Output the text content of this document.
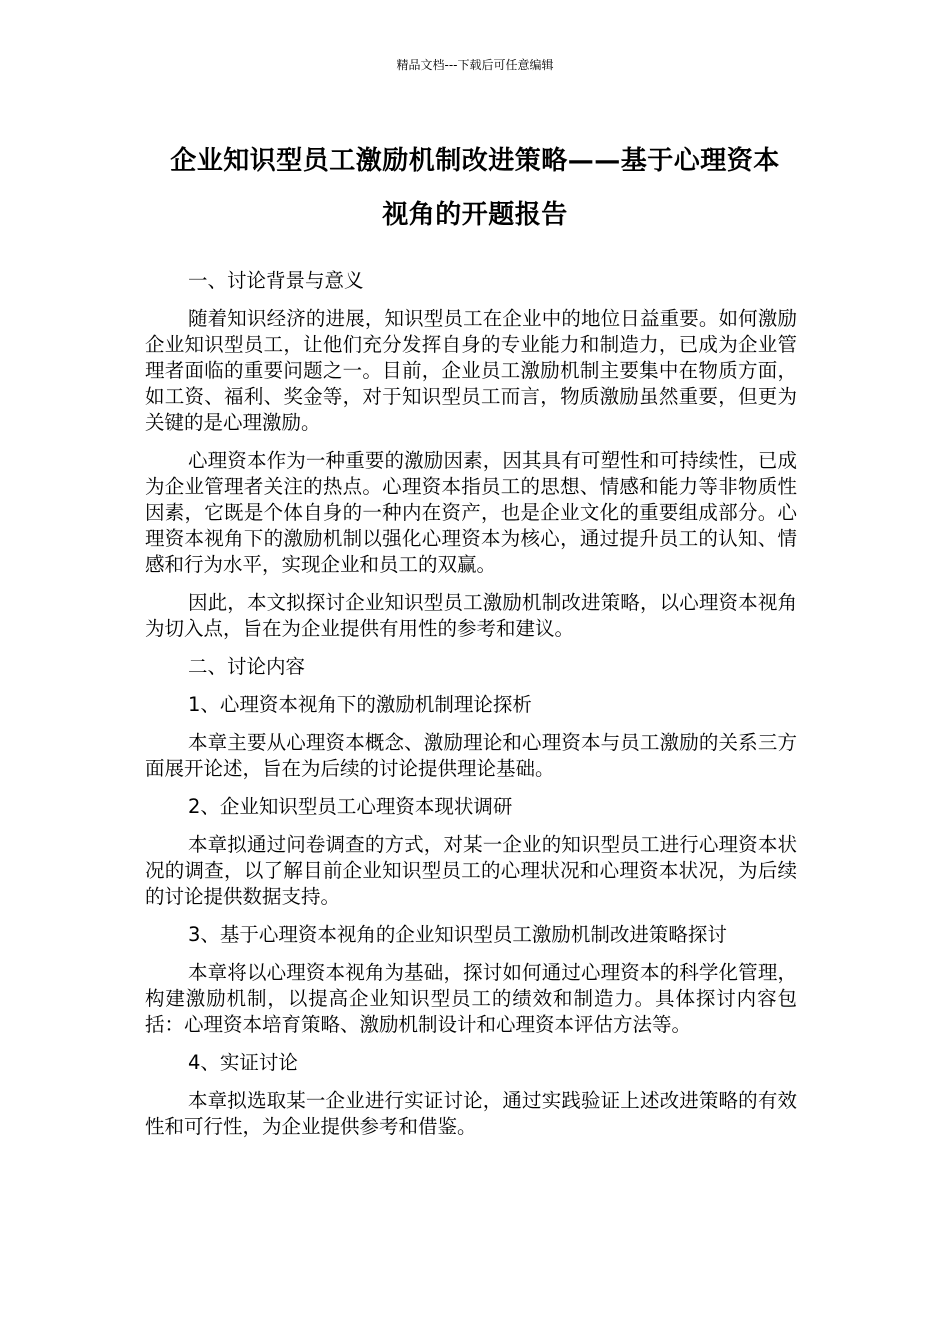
精品文档---下载后可任意编辑
企业知识型员工激励机制改进策略——基于心理资本
视角的开题报告

一、讨论背景与意义

随着知识经济的进展，知识型员工在企业中的地位日益重要。如何激励企业知识型员工，让他们充分发挥自身的专业能力和制造力，已成为企业管理者面临的重要问题之一。目前，企业员工激励机制主要集中在物质方面，如工资、福利、奖金等，对于知识型员工而言，物质激励虽然重要，但更为关键的是心理激励。

心理资本作为一种重要的激励因素，因其具有可塑性和可持续性，已成为企业管理者关注的热点。心理资本指员工的思想、情感和能力等非物质性因素，它既是个体自身的一种内在资产，也是企业文化的重要组成部分。心理资本视角下的激励机制以强化心理资本为核心，通过提升员工的认知、情感和行为水平，实现企业和员工的双赢。

因此，本文拟探讨企业知识型员工激励机制改进策略，以心理资本视角为切入点，旨在为企业提供有用性的参考和建议。

二、讨论内容

1、心理资本视角下的激励机制理论探析

本章主要从心理资本概念、激励理论和心理资本与员工激励的关系三方面展开论述，旨在为后续的讨论提供理论基础。

2、企业知识型员工心理资本现状调研

本章拟通过问卷调查的方式，对某一企业的知识型员工进行心理资本状况的调查，以了解目前企业知识型员工的心理状况和心理资本状况，为后续的讨论提供数据支持。

3、基于心理资本视角的企业知识型员工激励机制改进策略探讨

本章将以心理资本视角为基础，探讨如何通过心理资本的科学化管理，构建激励机制，以提高企业知识型员工的绩效和制造力。具体探讨内容包括：心理资本培育策略、激励机制设计和心理资本评估方法等。

4、实证讨论

本章拟选取某一企业进行实证讨论，通过实践验证上述改进策略的有效性和可行性，为企业提供参考和借鉴。
